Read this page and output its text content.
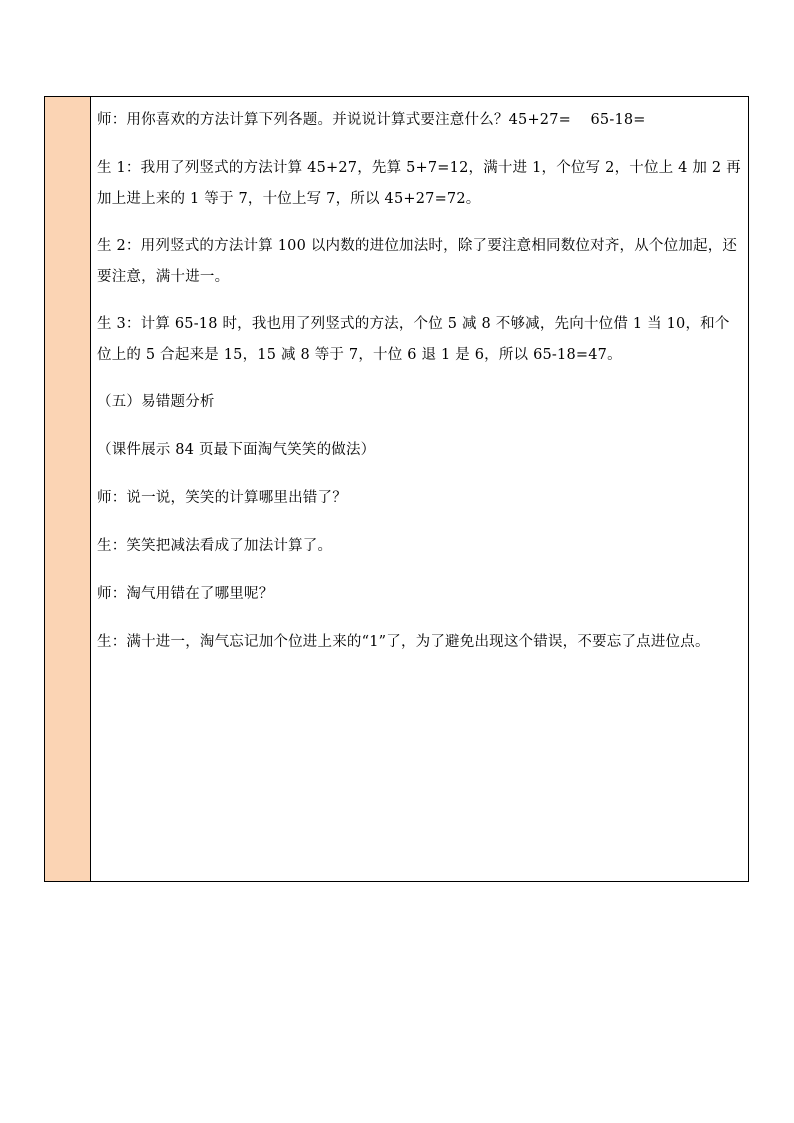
师：用你喜欢的方法计算下列各题。并说说计算式要注意什么？45+27=　 65-18=

生 1：我用了列竖式的方法计算 45+27，先算 5+7=12，满十进 1，个位写 2，十位上 4 加 2 再加上进上来的 1 等于 7，十位上写 7，所以 45+27=72。

生 2：用列竖式的方法计算 100 以内数的进位加法时，除了要注意相同数位对齐，从个位加起，还要注意，满十进一。

生 3：计算 65-18 时，我也用了列竖式的方法，个位 5 减 8 不够减，先向十位借 1 当 10，和个位上的 5 合起来是 15，15 减 8 等于 7，十位 6 退 1 是 6，所以 65-18=47。

（五）易错题分析

（课件展示 84 页最下面淘气笑笑的做法）

师：说一说，笑笑的计算哪里出错了？

生：笑笑把减法看成了加法计算了。

师：淘气用错在了哪里呢？

生：满十进一，淘气忘记加个位进上来的“1”了，为了避免出现这个错误，不要忘了点进位点。
